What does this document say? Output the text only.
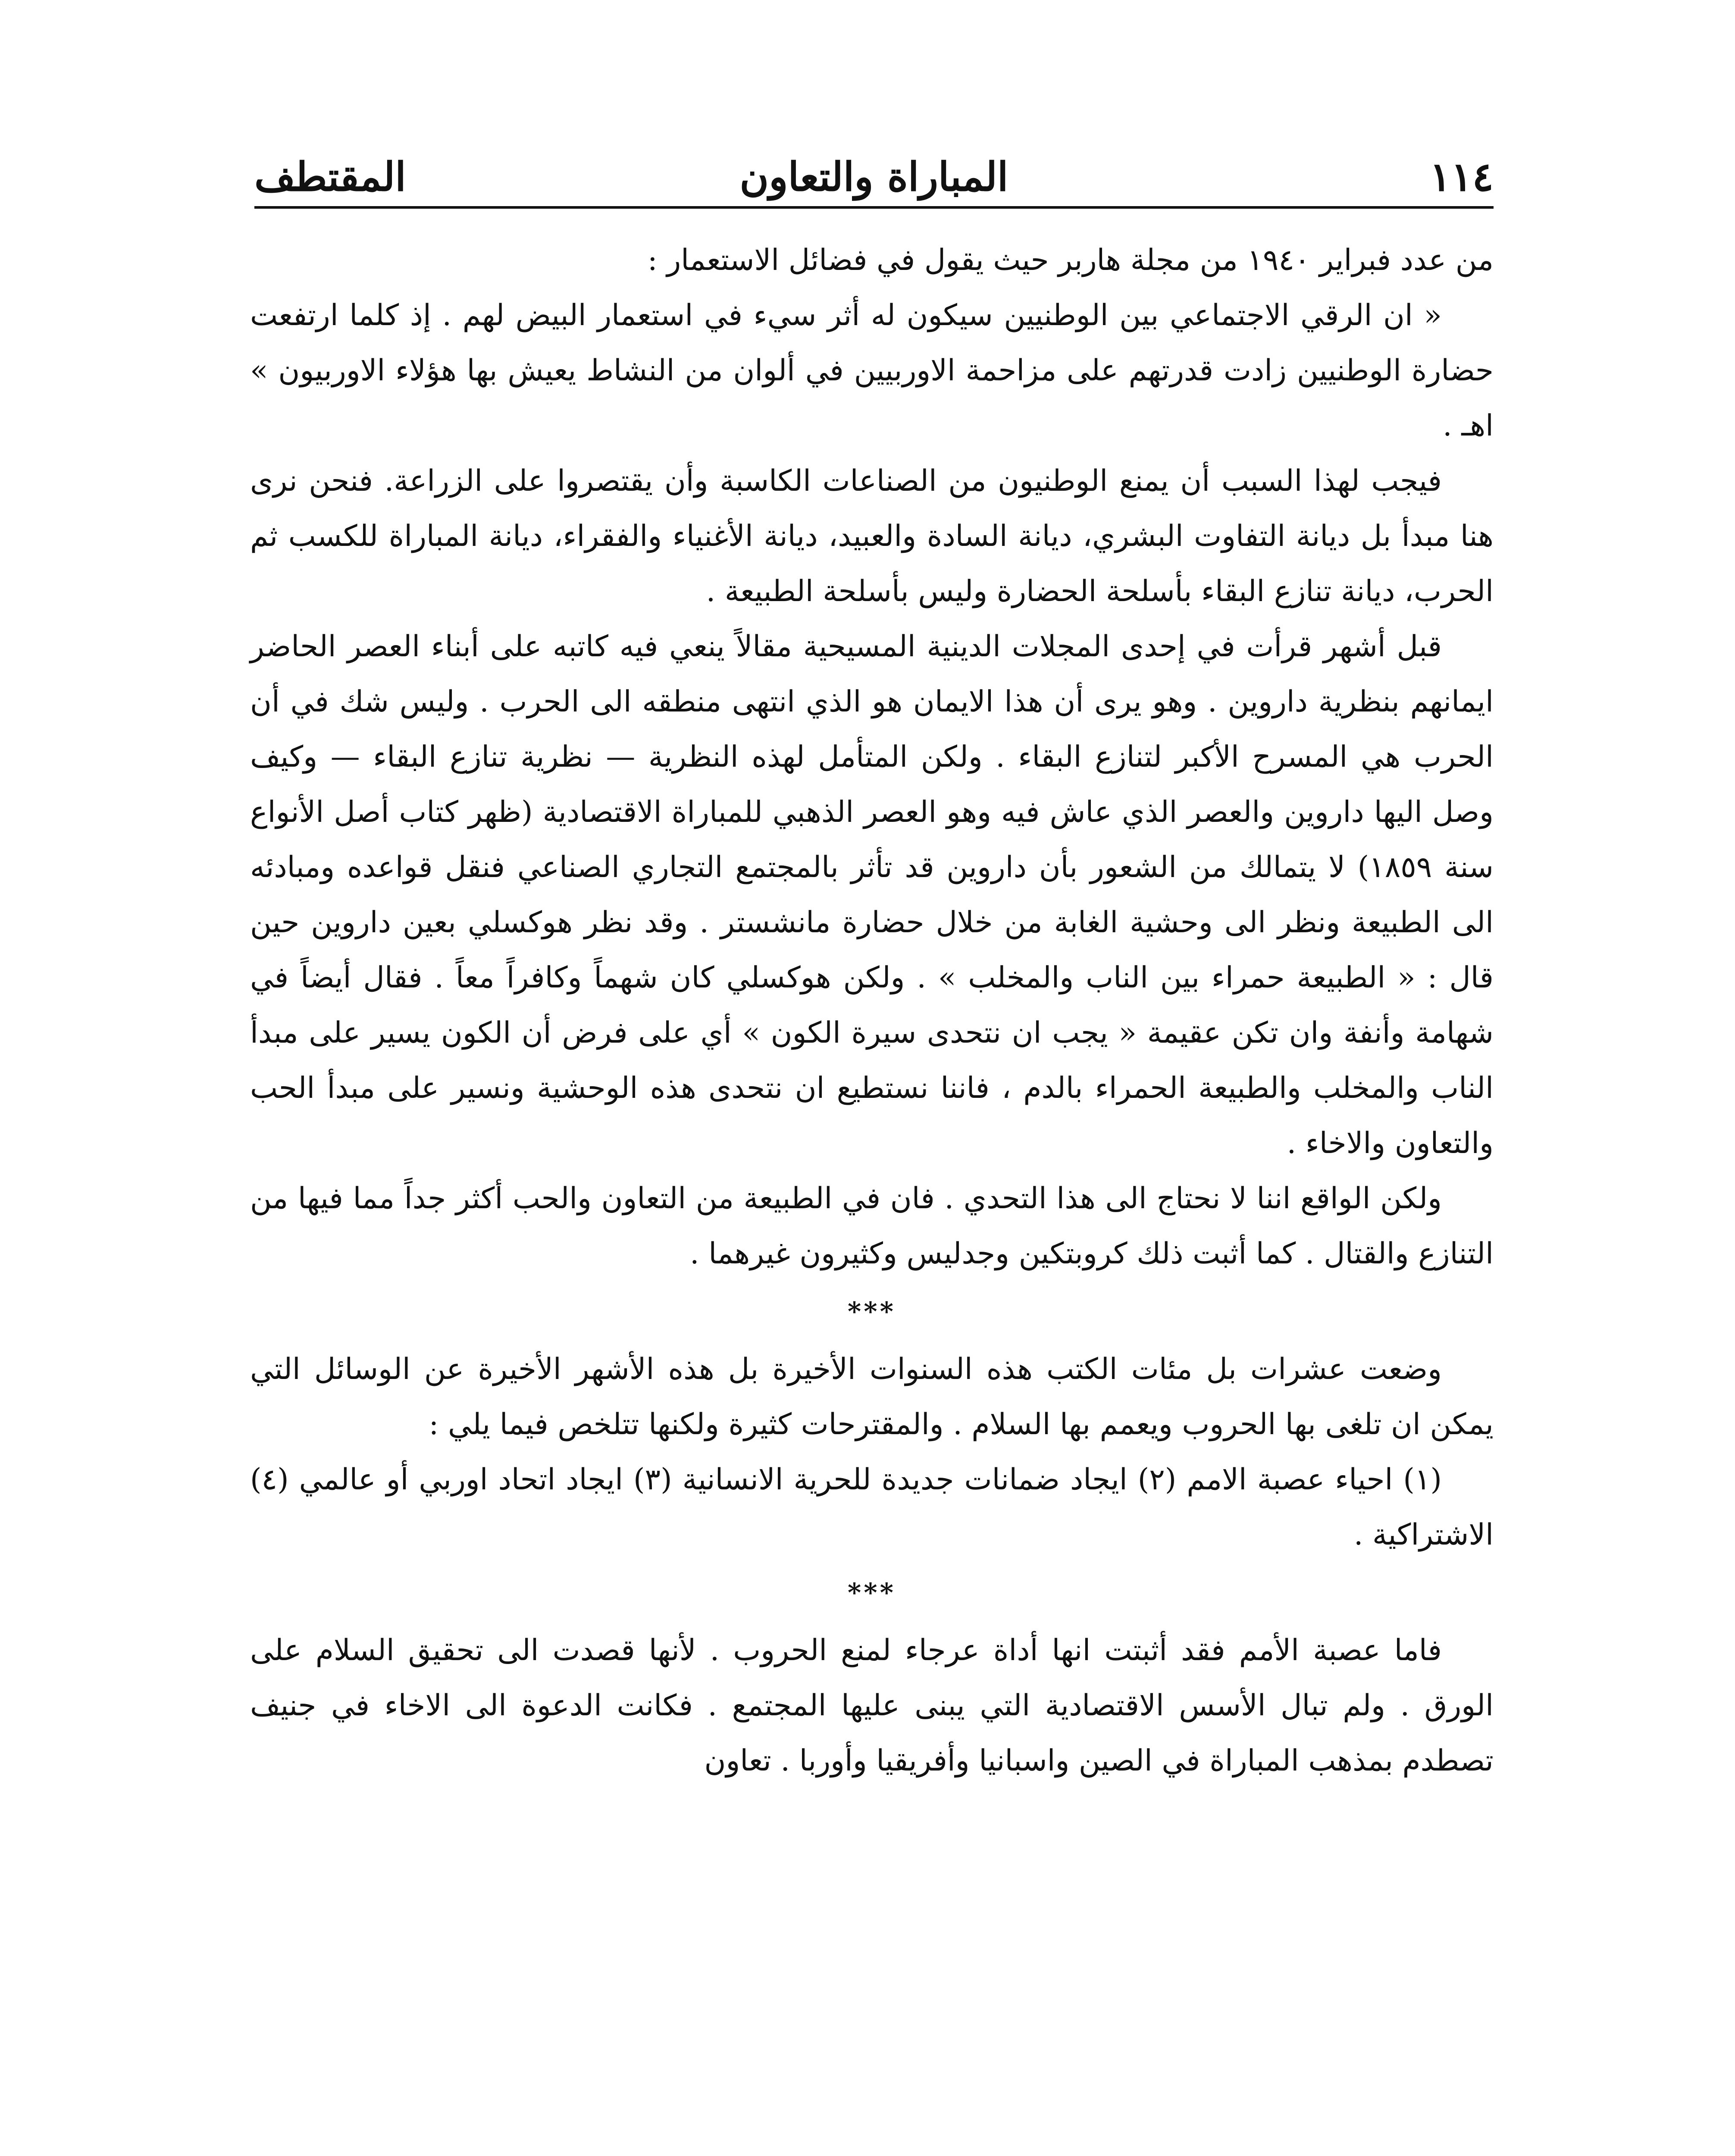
١١٤
المباراة والتعاون
المقتطف

من عدد فبراير ١٩٤٠ من مجلة هاربر حيث يقول في فضائل الاستعمار :

« ان الرقي الاجتماعي بين الوطنيين سيكون له أثر سيء في استعمار البيض لهم . إذ كلما ارتفعت حضارة الوطنيين زادت قدرتهم على مزاحمة الاوربيين في ألوان من النشاط يعيش بها هؤلاء الاوربيون » اهـ .

فيجب لهذا السبب أن يمنع الوطنيون من الصناعات الكاسبة وأن يقتصروا على الزراعة. فنحن نرى هنا مبدأ بل ديانة التفاوت البشري، ديانة السادة والعبيد، ديانة الأغنياء والفقراء، ديانة المباراة للكسب ثم الحرب، ديانة تنازع البقاء بأسلحة الحضارة وليس بأسلحة الطبيعة .

قبل أشهر قرأت في إحدى المجلات الدينية المسيحية مقالاً ينعي فيه كاتبه على أبناء العصر الحاضر ايمانهم بنظرية داروين . وهو يرى أن هذا الايمان هو الذي انتهى منطقه الى الحرب . وليس شك في أن الحرب هي المسرح الأكبر لتنازع البقاء . ولكن المتأمل لهذه النظرية — نظرية تنازع البقاء — وكيف وصل اليها داروين والعصر الذي عاش فيه وهو العصر الذهبي للمباراة الاقتصادية (ظهر كتاب أصل الأنواع سنة ١٨٥٩) لا يتمالك من الشعور بأن داروين قد تأثر بالمجتمع التجاري الصناعي فنقل قواعده ومبادئه الى الطبيعة ونظر الى وحشية الغابة من خلال حضارة مانشستر . وقد نظر هوكسلي بعين داروين حين قال : « الطبيعة حمراء بين الناب والمخلب » . ولكن هوكسلي كان شهماً وكافراً معاً . فقال أيضاً في شهامة وأنفة وان تكن عقيمة « يجب ان نتحدى سيرة الكون » أي على فرض أن الكون يسير على مبدأ الناب والمخلب والطبيعة الحمراء بالدم ، فاننا نستطيع ان نتحدى هذه الوحشية ونسير على مبدأ الحب والتعاون والاخاء .

ولكن الواقع اننا لا نحتاج الى هذا التحدي . فان في الطبيعة من التعاون والحب أكثر جداً مما فيها من التنازع والقتال . كما أثبت ذلك كروبتكين وجدليس وكثيرون غيرهما .

***

وضعت عشرات بل مئات الكتب هذه السنوات الأخيرة بل هذه الأشهر الأخيرة عن الوسائل التي يمكن ان تلغى بها الحروب ويعمم بها السلام . والمقترحات كثيرة ولكنها تتلخص فيما يلي :

(١) احياء عصبة الامم (٢) ايجاد ضمانات جديدة للحرية الانسانية (٣) ايجاد اتحاد اوربي أو عالمي (٤) الاشتراكية .

***

فاما عصبة الأمم فقد أثبتت انها أداة عرجاء لمنع الحروب . لأنها قصدت الى تحقيق السلام على الورق . ولم تبال الأسس الاقتصادية التي يبنى عليها المجتمع . فكانت الدعوة الى الاخاء في جنيف تصطدم بمذهب المباراة في الصين واسبانيا وأفريقيا وأوربا . تعاون
